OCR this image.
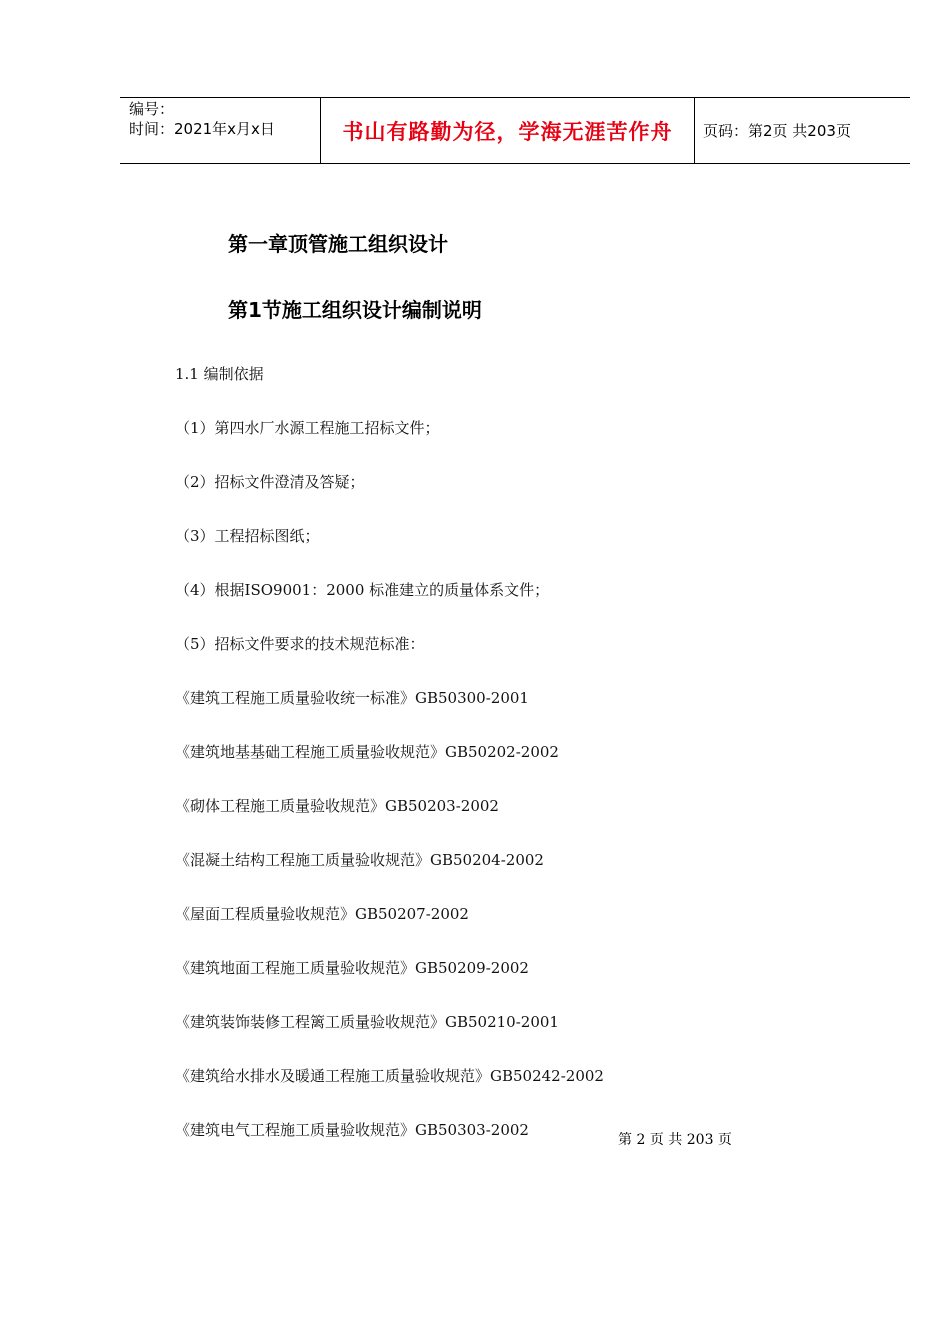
编号：
时间：2021年x月x日	书山有路勤为径，学海无涯苦作舟 页码：第2页 共203页
第一章顶管施工组织设计
第1节施工组织设计编制说明
1.1 编制依据
（1）第四水厂水源工程施工招标文件；
（2）招标文件澄清及答疑；
（3）工程招标图纸；
（4）根据ISO9001：2000 标准建立的质量体系文件；
（5）招标文件要求的技术规范标准：
《建筑工程施工质量验收统一标准》GB50300-2001
《建筑地基基础工程施工质量验收规范》GB50202-2002
《砌体工程施工质量验收规范》GB50203-2002
《混凝土结构工程施工质量验收规范》GB50204-2002
《屋面工程质量验收规范》GB50207-2002
《建筑地面工程施工质量验收规范》GB50209-2002
《建筑装饰装修工程篱工质量验收规范》GB50210-2001
《建筑给水排水及暖通工程施工质量验收规范》GB50242-2002
《建筑电气工程施工质量验收规范》GB50303-2002
第 2 页 共 203 页
